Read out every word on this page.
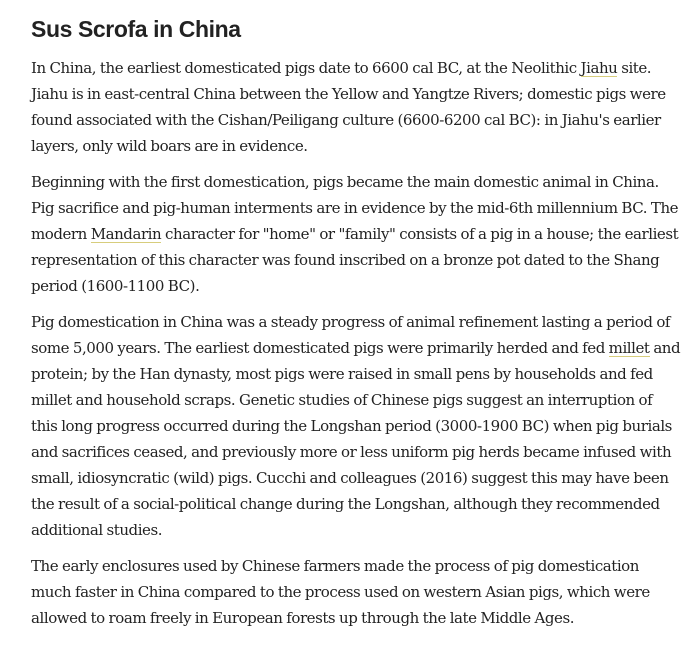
Sus Scrofa in China

In China, the earliest domesticated pigs date to 6600 cal BC, at the Neolithic Jiahu site. Jiahu is in east-central China between the Yellow and Yangtze Rivers; domestic pigs were found associated with the Cishan/Peiligang culture (6600-6200 cal BC): in Jiahu's earlier layers, only wild boars are in evidence.

Beginning with the first domestication, pigs became the main domestic animal in China. Pig sacrifice and pig-human interments are in evidence by the mid-6th millennium BC. The modern Mandarin character for "home" or "family" consists of a pig in a house; the earliest representation of this character was found inscribed on a bronze pot dated to the Shang period (1600-1100 BC).

Pig domestication in China was a steady progress of animal refinement lasting a period of some 5,000 years. The earliest domesticated pigs were primarily herded and fed millet and protein; by the Han dynasty, most pigs were raised in small pens by households and fed millet and household scraps. Genetic studies of Chinese pigs suggest an interruption of this long progress occurred during the Longshan period (3000-1900 BC) when pig burials and sacrifices ceased, and previously more or less uniform pig herds became infused with small, idiosyncratic (wild) pigs. Cucchi and colleagues (2016) suggest this may have been the result of a social-political change during the Longshan, although they recommended additional studies.

The early enclosures used by Chinese farmers made the process of pig domestication much faster in China compared to the process used on western Asian pigs, which were allowed to roam freely in European forests up through the late Middle Ages.
